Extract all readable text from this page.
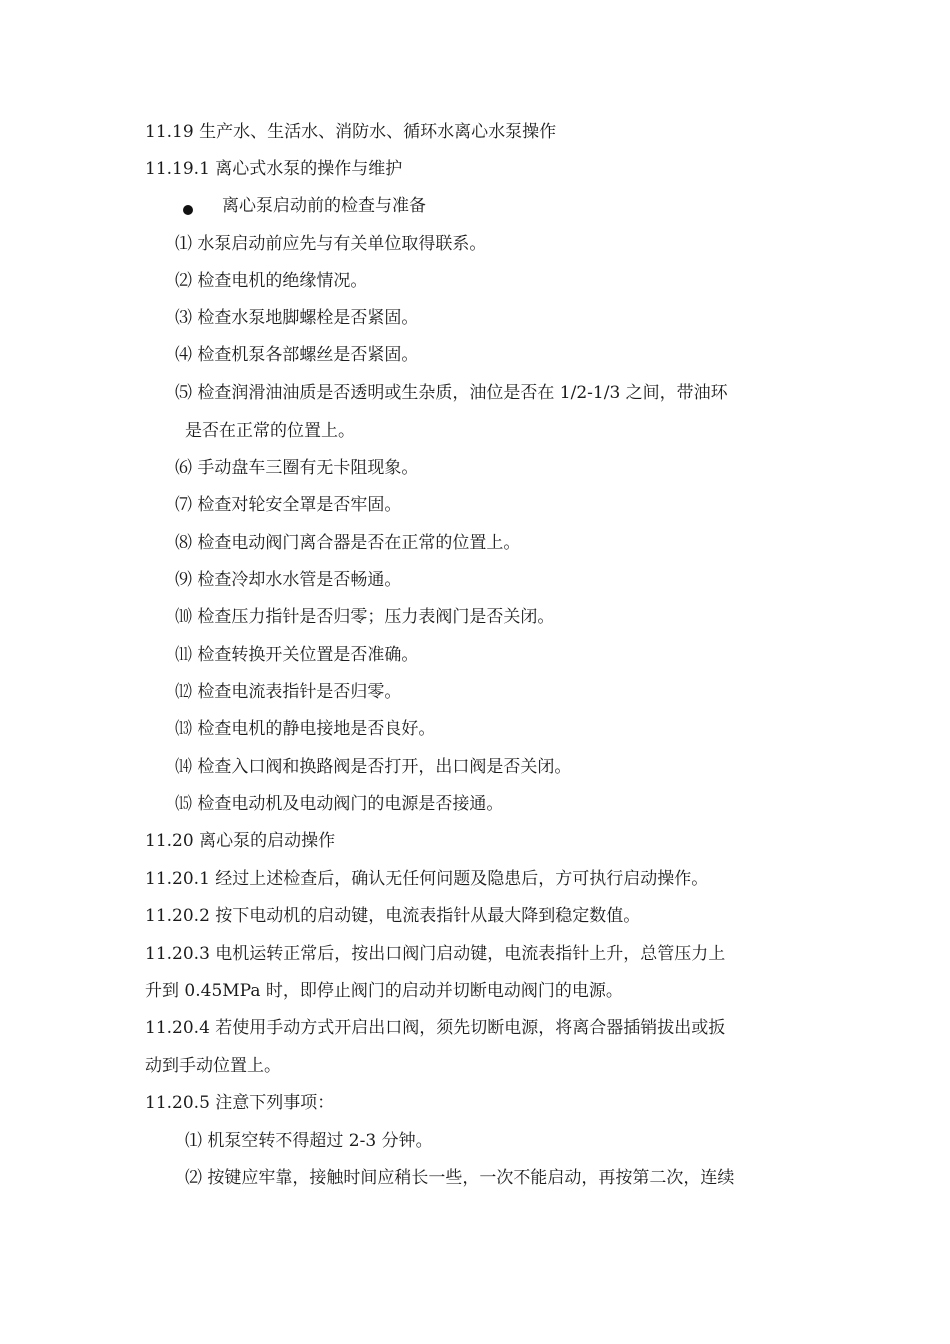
11.19 生产水、生活水、消防水、循环水离心水泵操作
11.19.1 离心式水泵的操作与维护
离心泵启动前的检查与准备
⑴ 水泵启动前应先与有关单位取得联系。
⑵ 检查电机的绝缘情况。
⑶ 检查水泵地脚螺栓是否紧固。
⑷ 检查机泵各部螺丝是否紧固。
⑸ 检查润滑油油质是否透明或生杂质，油位是否在 1/2-1/3 之间，带油环
是否在正常的位置上。
⑹ 手动盘车三圈有无卡阻现象。
⑺ 检查对轮安全罩是否牢固。
⑻ 检查电动阀门离合器是否在正常的位置上。
⑼ 检查冷却水水管是否畅通。
⑽ 检查压力指针是否归零；压力表阀门是否关闭。
⑾ 检查转换开关位置是否准确。
⑿ 检查电流表指针是否归零。
⒀ 检查电机的静电接地是否良好。
⒁ 检查入口阀和换路阀是否打开，出口阀是否关闭。
⒂ 检查电动机及电动阀门的电源是否接通。
11.20 离心泵的启动操作
11.20.1 经过上述检查后，确认无任何问题及隐患后，方可执行启动操作。
11.20.2 按下电动机的启动键，电流表指针从最大降到稳定数值。
11.20.3 电机运转正常后，按出口阀门启动键，电流表指针上升，总管压力上
升到 0.45MPa 时，即停止阀门的启动并切断电动阀门的电源。
11.20.4 若使用手动方式开启出口阀，须先切断电源，将离合器插销拔出或扳
动到手动位置上。
11.20.5 注意下列事项：
⑴ 机泵空转不得超过 2-3 分钟。
⑵ 按键应牢靠，接触时间应稍长一些，一次不能启动，再按第二次，连续
